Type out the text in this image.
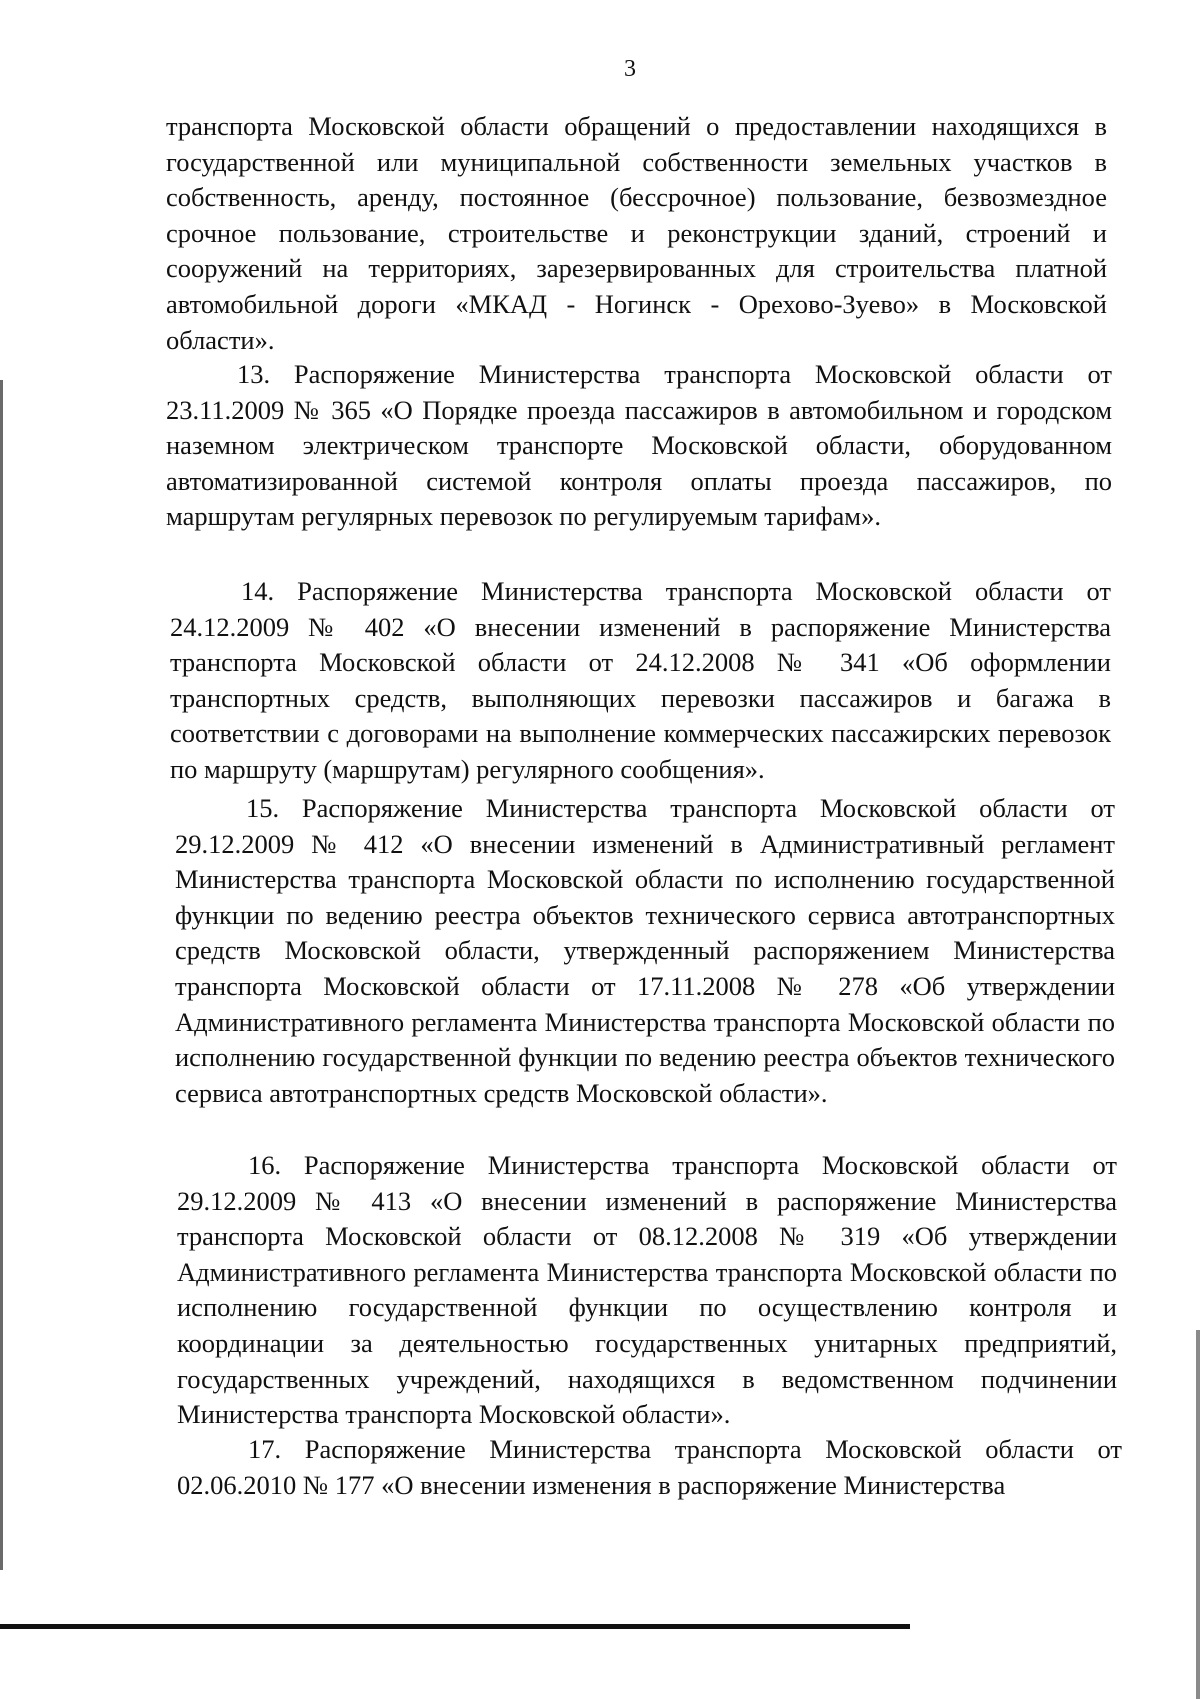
3

транспорта Московской области обращений о предоставлении находящихся в государственной или муниципальной собственности земельных участков в собственность, аренду, постоянное (бессрочное) пользование, безвозмездное срочное пользование, строительстве и реконструкции зданий, строений и сооружений на территориях, зарезервированных для строительства платной автомобильной дороги «МКАД - Ногинск - Орехово-Зуево» в Московской области».

13. Распоряжение Министерства транспорта Московской области от 23.11.2009 № 365 «О Порядке проезда пассажиров в автомобильном и городском наземном электрическом транспорте Московской области, оборудованном автоматизированной системой контроля оплаты проезда пассажиров, по маршрутам регулярных перевозок по регулируемым тарифам».

14. Распоряжение Министерства транспорта Московской области от 24.12.2009 № 402 «О внесении изменений в распоряжение Министерства транспорта Московской области от 24.12.2008 № 341 «Об оформлении транспортных средств, выполняющих перевозки пассажиров и багажа в соответствии с договорами на выполнение коммерческих пассажирских перевозок по маршруту (маршрутам) регулярного сообщения».

15. Распоряжение Министерства транспорта Московской области от 29.12.2009 № 412 «О внесении изменений в Административный регламент Министерства транспорта Московской области по исполнению государственной функции по ведению реестра объектов технического сервиса автотранспортных средств Московской области, утвержденный распоряжением Министерства транспорта Московской области от 17.11.2008 № 278 «Об утверждении Административного регламента Министерства транспорта Московской области по исполнению государственной функции по ведению реестра объектов технического сервиса автотранспортных средств Московской области».

16. Распоряжение Министерства транспорта Московской области от 29.12.2009 № 413 «О внесении изменений в распоряжение Министерства транспорта Московской области от 08.12.2008 № 319 «Об утверждении Административного регламента Министерства транспорта Московской области по исполнению государственной функции по осуществлению контроля и координации за деятельностью государственных унитарных предприятий, государственных учреждений, находящихся в ведомственном подчинении Министерства транспорта Московской области».

17. Распоряжение Министерства транспорта Московской области от 02.06.2010 № 177 «О внесении изменения в распоряжение Министерства
